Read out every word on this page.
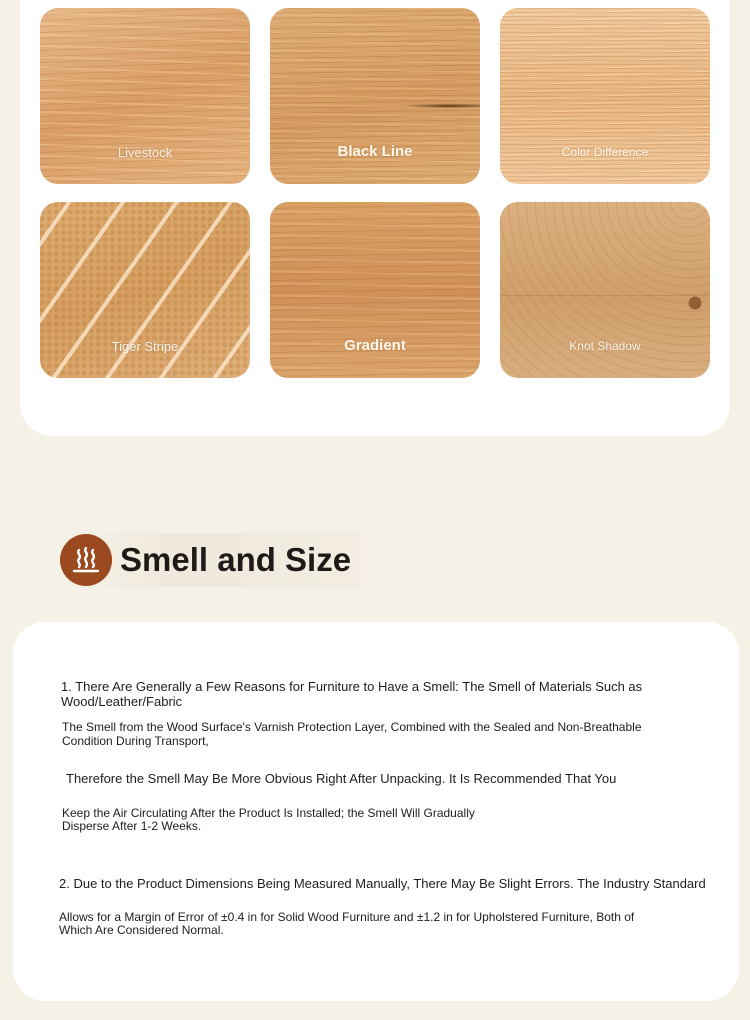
Livestock	Black Line	Color Difference
Tiger Stripe	Gradient	Knot Shadow
Smell and Size
1. There Are Generally a Few Reasons for Furniture to Have a Smell: The Smell of Materials Such as Wood/Leather/Fabric
The Smell from the Wood Surface's Varnish Protection Layer, Combined with the Sealed and Non-Breathable Condition During Transport,
Therefore the Smell May Be More Obvious Right After Unpacking. It Is Recommended That You
Keep the Air Circulating After the Product Is Installed; the Smell Will Gradually Disperse After 1-2 Weeks.
2. Due to the Product Dimensions Being Measured Manually, There May Be Slight Errors. The Industry Standard
Allows for a Margin of Error of ±0.4 in for Solid Wood Furniture and ±1.2 in for Upholstered Furniture, Both of Which Are Considered Normal.
